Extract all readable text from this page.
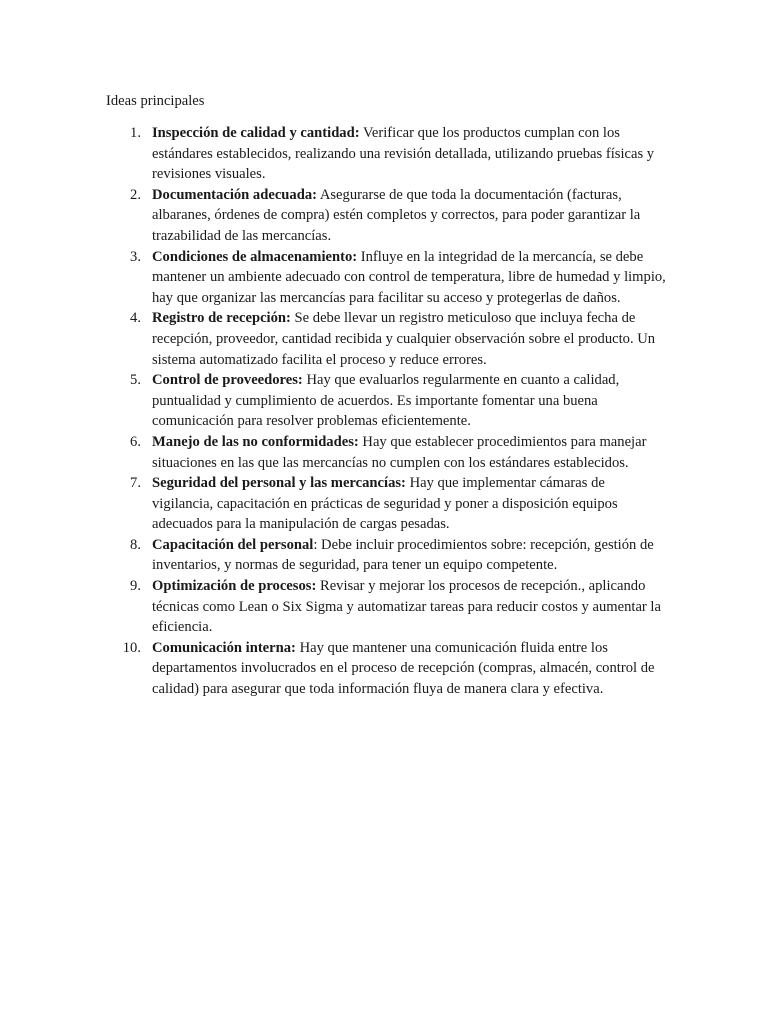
Ideas principales
1. Inspección de calidad y cantidad: Verificar que los productos cumplan con los estándares establecidos, realizando una revisión detallada, utilizando pruebas físicas y revisiones visuales.
2. Documentación adecuada: Asegurarse de que toda la documentación (facturas, albaranes, órdenes de compra) estén completos y correctos, para poder garantizar la trazabilidad de las mercancías.
3. Condiciones de almacenamiento: Influye en la integridad de la mercancía, se debe mantener un ambiente adecuado con control de temperatura, libre de humedad y limpio, hay que organizar las mercancías para facilitar su acceso y protegerlas de daños.
4. Registro de recepción: Se debe llevar un registro meticuloso que incluya fecha de recepción, proveedor, cantidad recibida y cualquier observación sobre el producto. Un sistema automatizado facilita el proceso y reduce errores.
5. Control de proveedores: Hay que evaluarlos regularmente en cuanto a calidad, puntualidad y cumplimiento de acuerdos. Es importante fomentar una buena comunicación para resolver problemas eficientemente.
6. Manejo de las no conformidades: Hay que establecer procedimientos para manejar situaciones en las que las mercancías no cumplen con los estándares establecidos.
7. Seguridad del personal y las mercancías: Hay que implementar cámaras de vigilancia, capacitación en prácticas de seguridad y poner a disposición equipos adecuados para la manipulación de cargas pesadas.
8. Capacitación del personal: Debe incluir procedimientos sobre: recepción, gestión de inventarios, y normas de seguridad, para tener un equipo competente.
9. Optimización de procesos: Revisar y mejorar los procesos de recepción., aplicando técnicas como Lean o Six Sigma y automatizar tareas para reducir costos y aumentar la eficiencia.
10. Comunicación interna: Hay que mantener una comunicación fluida entre los departamentos involucrados en el proceso de recepción (compras, almacén, control de calidad) para asegurar que toda información fluya de manera clara y efectiva.
